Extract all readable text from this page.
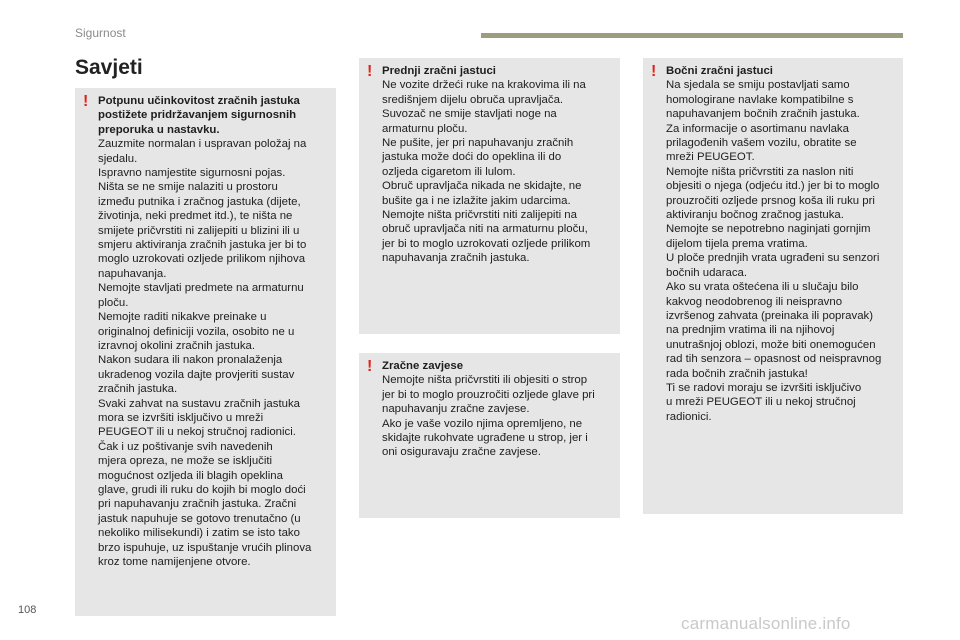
Sigurnost
Savjeti
! Potpunu učinkovitost zračnih jastuka
postižete pridržavanjem sigurnosnih
preporuka u nastavku.
Zauzmite normalan i uspravan položaj na
sjedalu.
Ispravno namjestite sigurnosni pojas.
Ništa se ne smije nalaziti u prostoru
između putnika i zračnog jastuka (dijete,
životinja, neki predmet itd.), te ništa ne
smijete pričvrstiti ni zalijepiti u blizini ili u
smjeru aktiviranja zračnih jastuka jer bi to
moglo uzrokovati ozljede prilikom njihova
napuhavanja.
Nemojte stavljati predmete na armaturnu
ploču.
Nemojte raditi nikakve preinake u
originalnoj definiciji vozila, osobito ne u
izravnoj okolini zračnih jastuka.
Nakon sudara ili nakon pronalaženja
ukradenog vozila dajte provjeriti sustav
zračnih jastuka.
Svaki zahvat na sustavu zračnih jastuka
mora se izvršiti isključivo u mreži
PEUGEOT ili u nekoj stručnoj radionici.
Čak i uz poštivanje svih navedenih
mjera opreza, ne može se isključiti
mogućnost ozljeda ili blagih opeklina
glave, grudi ili ruku do kojih bi moglo doći
pri napuhavanju zračnih jastuka. Zračni
jastuk napuhuje se gotovo trenutačno (u
nekoliko milisekundi) i zatim se isto tako
brzo ispuhuje, uz ispuštanje vrućih plinova
kroz tome namijenjene otvore.
! Prednji zračni jastuci
Ne vozite držeći ruke na krakovima ili na
središnjem dijelu obruča upravljača.
Suvozač ne smije stavljati noge na
armaturnu ploču.
Ne pušite, jer pri napuhavanju zračnih
jastuka može doći do opeklina ili do
ozljeda cigaretom ili lulom.
Obruč upravljača nikada ne skidajte, ne
bušite ga i ne izlažite jakim udarcima.
Nemojte ništa pričvrstiti niti zalijepiti na
obruč upravljača niti na armaturnu ploču,
jer bi to moglo uzrokovati ozljede prilikom
napuhavanja zračnih jastuka.
! Zračne zavjese
Nemojte ništa pričvrstiti ili objesiti o strop
jer bi to moglo prouzročiti ozljede glave pri
napuhavanju zračne zavjese.
Ako je vaše vozilo njima opremljeno, ne
skidajte rukohvate ugrađene u strop, jer i
oni osiguravaju zračne zavjese.
! Bočni zračni jastuci
Na sjedala se smiju postavljati samo
homologirane navlake kompatibilne s
napuhavanjem bočnih zračnih jastuka.
Za informacije o asortimanu navlaka
prilagođenih vašem vozilu, obratite se
mreži PEUGEOT.
Nemojte ništa pričvrstiti za naslon niti
objesiti o njega (odjeću itd.) jer bi to moglo
prouzročiti ozljede prsnog koša ili ruku pri
aktiviranju bočnog zračnog jastuka.
Nemojte se nepotrebno naginjati gornjim
dijelom tijela prema vratima.
U ploče prednjih vrata ugrađeni su senzori
bočnih udaraca.
Ako su vrata oštećena ili u slučaju bilo
kakvog neodobrenog ili neispravno
izvršenog zahvata (preinaka ili popravak)
na prednjim vratima ili na njihovoj
unutrašnjoj oblozi, može biti onemogućen
rad tih senzora – opasnost od neispravnog
rada bočnih zračnih jastuka!
Ti se radovi moraju se izvršiti isključivo
u mreži PEUGEOT ili u nekoj stručnoj
radionici.
108
carmanualsonline.info
